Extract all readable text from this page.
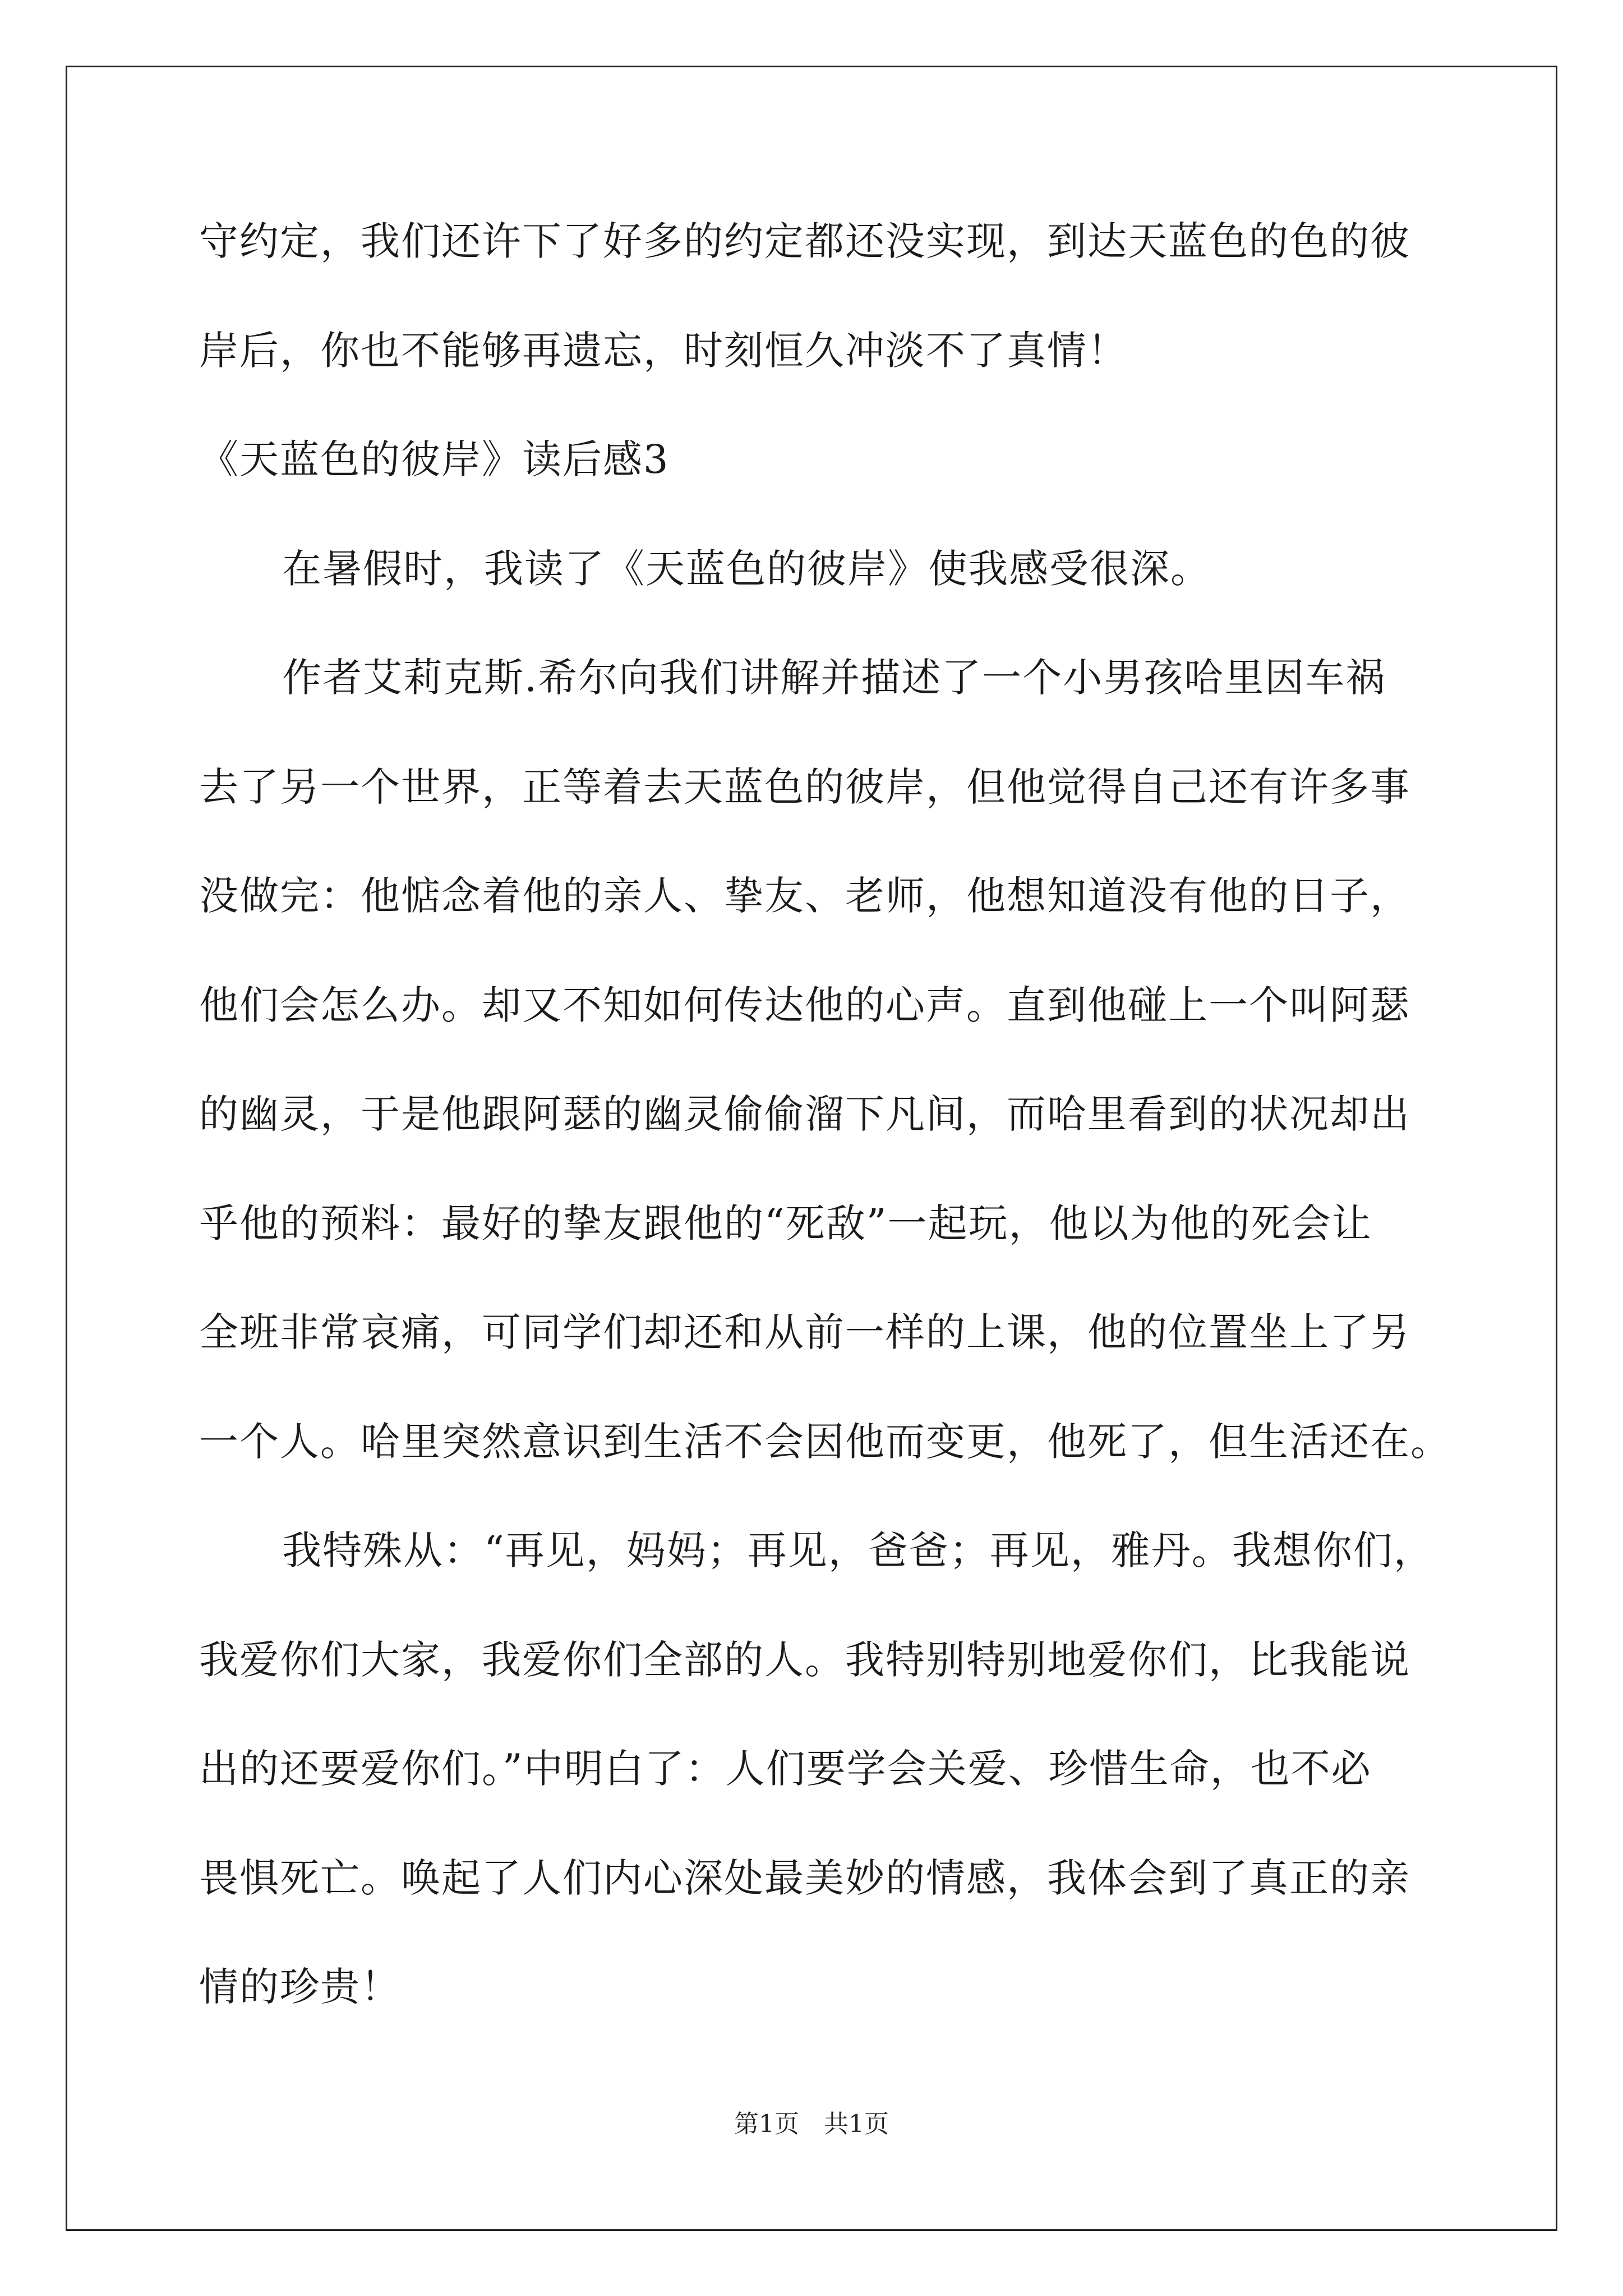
守约定，我们还许下了好多的约定都还没实现，到达天蓝色的色的彼
岸后，你也不能够再遗忘，时刻恒久冲淡不了真情！
《天蓝色的彼岸》读后感3
在暑假时，我读了《天蓝色的彼岸》使我感受很深。
作者艾莉克斯.希尔向我们讲解并描述了一个小男孩哈里因车祸
去了另一个世界，正等着去天蓝色的彼岸，但他觉得自己还有许多事
没做完：他惦念着他的亲人、挚友、老师，他想知道没有他的日子，
他们会怎么办。却又不知如何传达他的心声。直到他碰上一个叫阿瑟
的幽灵，于是他跟阿瑟的幽灵偷偷溜下凡间，而哈里看到的状况却出
乎他的预料：最好的挚友跟他的“死敌”一起玩，他以为他的死会让
全班非常哀痛，可同学们却还和从前一样的上课，他的位置坐上了另
一个人。哈里突然意识到生活不会因他而变更，他死了，但生活还在。
我特殊从：“再见，妈妈；再见，爸爸；再见，雅丹。我想你们，
我爱你们大家，我爱你们全部的人。我特别特别地爱你们，比我能说
出的还要爱你们。”中明白了：人们要学会关爱、珍惜生命，也不必
畏惧死亡。唤起了人们内心深处最美妙的情感，我体会到了真正的亲
情的珍贵！
第1页　共1页
